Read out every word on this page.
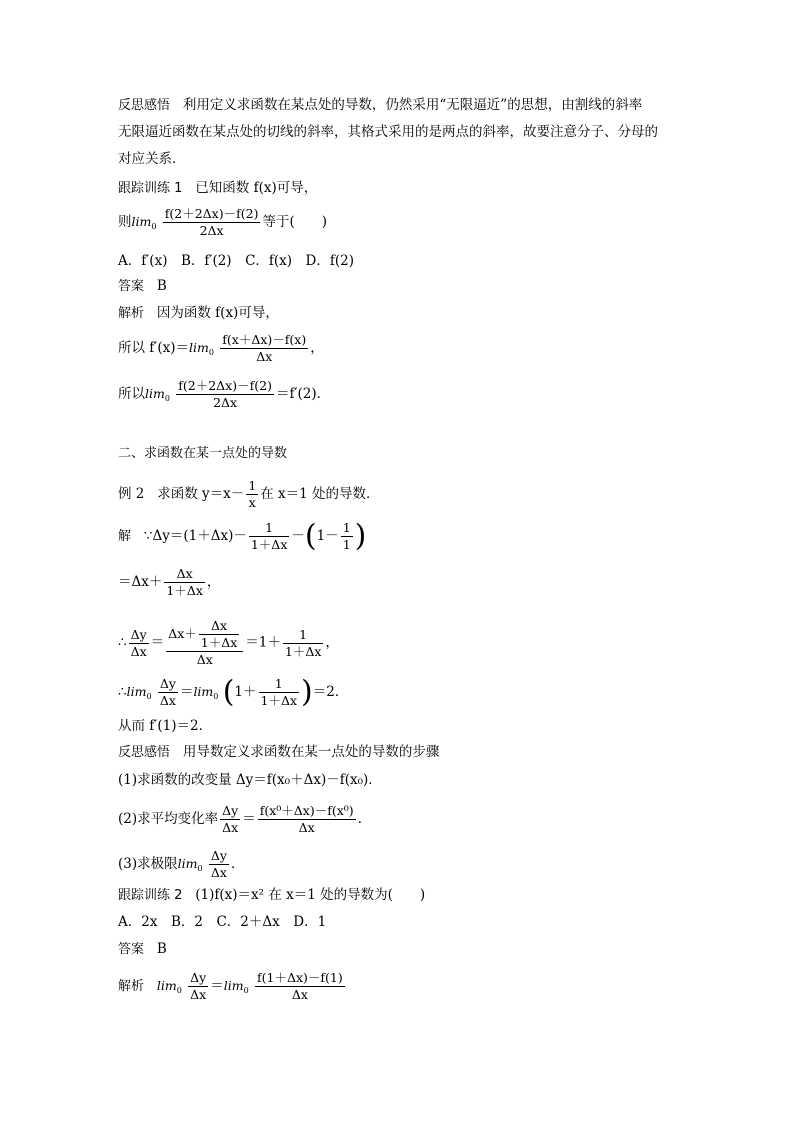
反思感悟 利用定义求函数在某点处的导数，仍然采用“无限逼近”的思想，由割线的斜率
无限逼近函数在某点处的切线的斜率，其格式采用的是两点的斜率，故要注意分子、分母的
对应关系．
跟踪训练 1 已知函数 f(x)可导，
则$\lim_0 \frac{f(2+2\Delta x)-f(2)}{2\Delta x}$ 等于(　　)
A．f′(x)　B．f′(2)　C．f(x)　D．f(2)
答案 B
解析 因为函数 f(x)可导，
所以 $f'(x)=\lim_0 \frac{f(x+\Delta x)-f(x)}{\Delta x}$ ，
所以$\lim_0 \frac{f(2+2\Delta x)-f(2)}{2\Delta x} =f'(2)$．
二、求函数在某一点处的导数
例 2 求函数 $y=x- \frac{1}{x}$ 在 x＝1 处的导数．
解 ∵Δy＝(1＋Δx)－ $\frac{1}{1+\Delta x} -(1- \frac{1}{1}$ )
$=\Delta x+ \frac{\Delta x}{1+\Delta x}$ ，
∴ $\frac{\Delta y}{\Delta x} = \frac{\Delta x+ \frac{\Delta x}{1+\Delta x}}{\Delta x} =1+ \frac{1}{1+\Delta x}$ ，
$\therefore\lim_0 \frac{\Delta y}{\Delta x} =\lim_0$ $(1+ \frac{1}{1+\Delta x} )=2$．
从而 f′(1)＝2．
反思感悟 用导数定义求函数在某一点处的导数的步骤
(1)求函数的改变量 Δy＝f(x₀＋Δx)－f(x₀)．
(2)求平均变化率 $\frac{\Delta y}{\Delta x} = \frac{\text{f(x⁰＋Δx)－f(x⁰)}}{\Delta x}$ ．
(3)求极限$\lim_0 \frac{\Delta y}{\Delta x}$ ．
跟踪训练 2 (1)f(x)＝x² 在 x＝1 处的导数为(　　)
A．2x　B．2　C．2＋Δx　D．1
答案 B
解析 $\lim_0 \frac{\Delta y}{\Delta x} =\lim_0 \frac{f(1+\Delta x)-f(1)}{\Delta x}$
